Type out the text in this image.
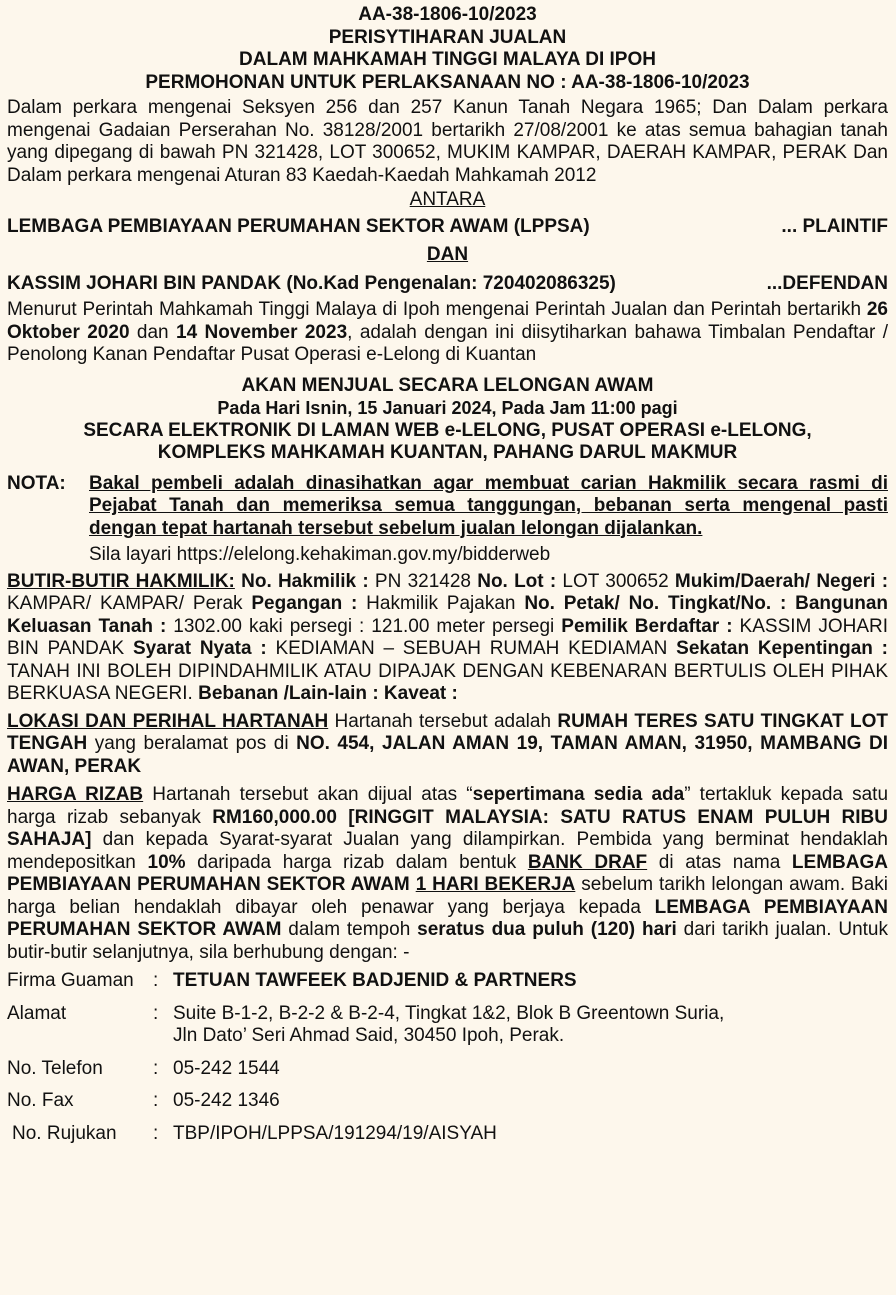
AA-38-1806-10/2023
PERISYTIHARAN JUALAN
DALAM MAHKAMAH TINGGI MALAYA DI IPOH
PERMOHONAN UNTUK PERLAKSANAAN NO : AA-38-1806-10/2023
Dalam perkara mengenai Seksyen 256 dan 257 Kanun Tanah Negara 1965; Dan Dalam perkara mengenai Gadaian Perserahan No. 38128/2001 bertarikh 27/08/2001 ke atas semua bahagian tanah yang dipegang di bawah PN 321428, LOT 300652, MUKIM KAMPAR, DAERAH KAMPAR, PERAK Dan Dalam perkara mengenai Aturan 83 Kaedah-Kaedah Mahkamah 2012
ANTARA
LEMBAGA PEMBIAYAAN PERUMAHAN SEKTOR AWAM (LPPSA)	... PLAINTIF
DAN
KASSIM JOHARI BIN PANDAK (No.Kad Pengenalan: 720402086325)	...DEFENDAN
Menurut Perintah Mahkamah Tinggi Malaya di Ipoh mengenai Perintah Jualan dan Perintah bertarikh 26 Oktober 2020 dan 14 November 2023, adalah dengan ini diisytiharkan bahawa Timbalan Pendaftar / Penolong Kanan Pendaftar Pusat Operasi e-Lelong di Kuantan
AKAN MENJUAL SECARA LELONGAN AWAM
Pada Hari Isnin, 15 Januari 2024, Pada Jam 11:00 pagi
SECARA ELEKTRONIK DI LAMAN WEB e-LELONG, PUSAT OPERASI e-LELONG,
KOMPLEKS MAHKAMAH KUANTAN, PAHANG DARUL MAKMUR
NOTA:	Bakal pembeli adalah dinasihatkan agar membuat carian Hakmilik secara rasmi di Pejabat Tanah dan memeriksa semua tanggungan, bebanan serta mengenal pasti dengan tepat hartanah tersebut sebelum jualan lelongan dijalankan.
Sila layari https://elelong.kehakiman.gov.my/bidderweb
BUTIR-BUTIR HAKMILIK: No. Hakmilik : PN 321428 No. Lot : LOT 300652 Mukim/Daerah/ Negeri : KAMPAR/ KAMPAR/ Perak Pegangan : Hakmilik Pajakan No. Petak/ No. Tingkat/No. : Bangunan Keluasan Tanah : 1302.00 kaki persegi : 121.00 meter persegi Pemilik Berdaftar : KASSIM JOHARI BIN PANDAK Syarat Nyata : KEDIAMAN – SEBUAH RUMAH KEDIAMAN Sekatan Kepentingan : TANAH INI BOLEH DIPINDAHMILIK ATAU DIPAJAK DENGAN KEBENARAN BERTULIS OLEH PIHAK BERKUASA NEGERI. Bebanan /Lain-lain : Kaveat :
LOKASI DAN PERIHAL HARTANAH Hartanah tersebut adalah RUMAH TERES SATU TINGKAT LOT TENGAH yang beralamat pos di NO. 454, JALAN AMAN 19, TAMAN AMAN, 31950, MAMBANG DI AWAN, PERAK
HARGA RIZAB Hartanah tersebut akan dijual atas “sepertimana sedia ada” tertakluk kepada satu harga rizab sebanyak RM160,000.00 [RINGGIT MALAYSIA: SATU RATUS ENAM PULUH RIBU SAHAJA] dan kepada Syarat-syarat Jualan yang dilampirkan. Pembida yang berminat hendaklah mendepositkan 10% daripada harga rizab dalam bentuk BANK DRAF di atas nama LEMBAGA PEMBIAYAAN PERUMAHAN SEKTOR AWAM 1 HARI BEKERJA sebelum tarikh lelongan awam. Baki harga belian hendaklah dibayar oleh penawar yang berjaya kepada LEMBAGA PEMBIAYAAN PERUMAHAN SEKTOR AWAM dalam tempoh seratus dua puluh (120) hari dari tarikh jualan. Untuk butir-butir selanjutnya, sila berhubung dengan: -
Firma Guaman	: TETUAN TAWFEEK BADJENID & PARTNERS
Alamat	: Suite B-1-2, B-2-2 & B-2-4, Tingkat 1&2, Blok B Greentown Suria,
Jln Dato’ Seri Ahmad Said, 30450 Ipoh, Perak.
No. Telefon	: 05-242 1544
No. Fax	: 05-242 1346
No. Rujukan	: TBP/IPOH/LPPSA/191294/19/AISYAH
